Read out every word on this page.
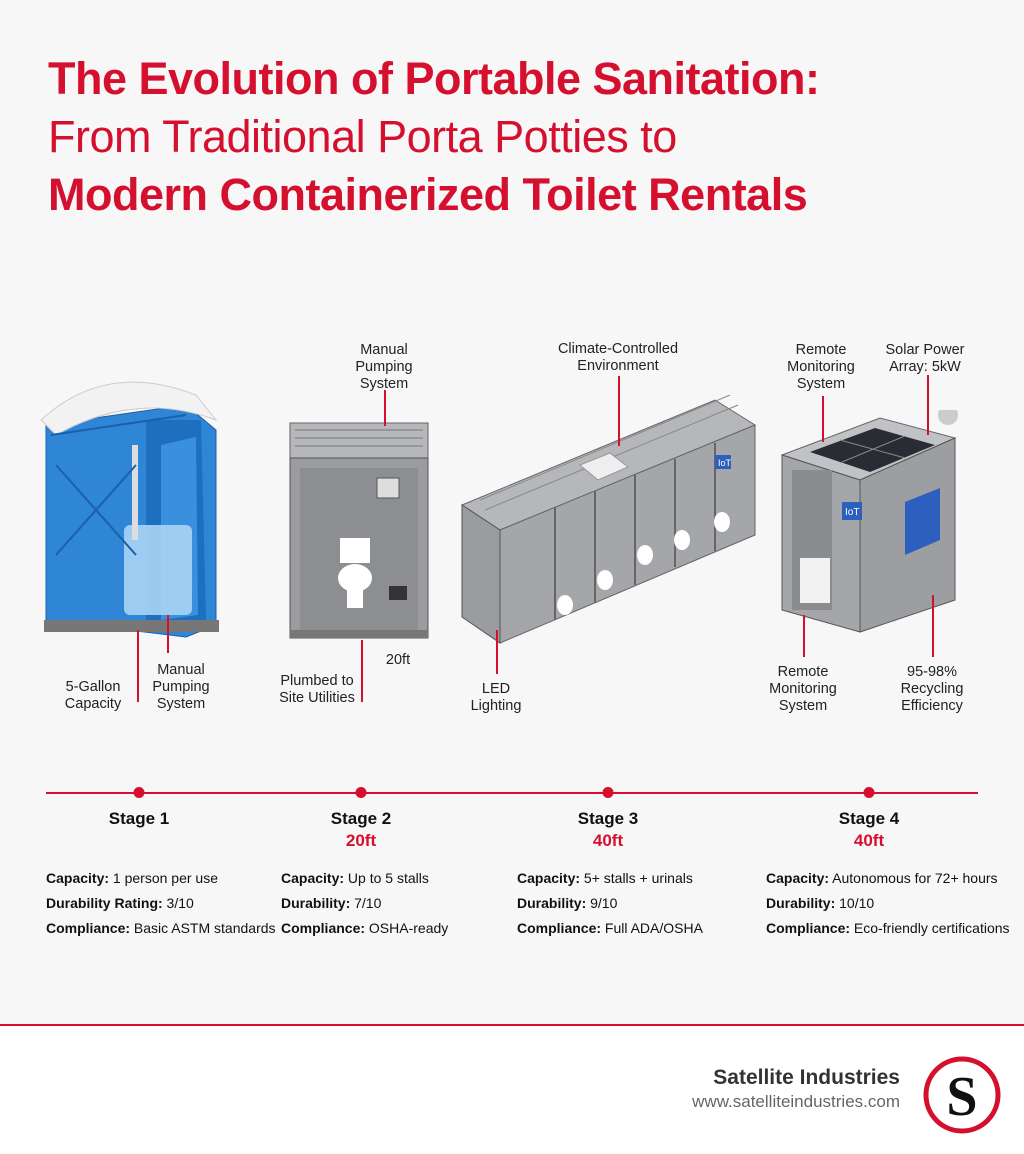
The Evolution of Portable Sanitation:
From Traditional Porta Potties to
Modern Containerized Toilet Rentals
IoT
IoT
Manual Pumping System
Climate-Controlled Environment
Remote Monitoring System
Solar Power Array: 5kW
5-Gallon Capacity
Manual Pumping System
20ft
Plumbed to Site Utilities
LED Lighting
Remote Monitoring System
95-98% Recycling Efficiency
Stage 1	Stage 2
20ft
Stage 3
40ft
Stage 4
40ft
Capacity: 1 person per use
Durability Rating: 3/10
Compliance: Basic ASTM standards
Capacity: Up to 5 stalls
Durability: 7/10
Compliance: OSHA-ready
Capacity: 5+ stalls + urinals
Durability: 9/10
Compliance: Full ADA/OSHA
Capacity: Autonomous for 72+ hours
Durability: 10/10
Compliance: Eco-friendly certifications
Satellite Industries
www.satelliteindustries.com S
